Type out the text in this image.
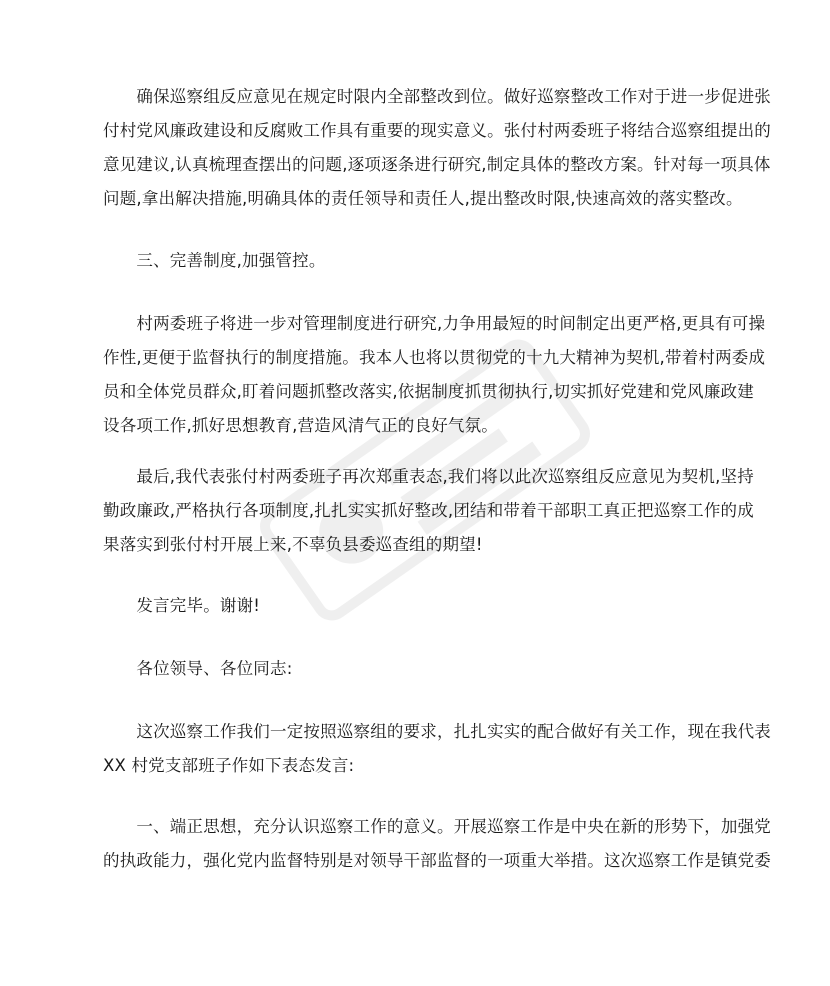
　　确保巡察组反应意见在规定时限内全部整改到位。做好巡察整改工作对于进一步促进张
付村党风廉政建设和反腐败工作具有重要的现实意义。张付村两委班子将结合巡察组提出的
意见建议,认真梳理查摆出的问题,逐项逐条进行研究,制定具体的整改方案。针对每一项具体
问题,拿出解决措施,明确具体的责任领导和责任人,提出整改时限,快速高效的落实整改。

　　三、完善制度,加强管控。

　　村两委班子将进一步对管理制度进行研究,力争用最短的时间制定出更严格,更具有可操
作性,更便于监督执行的制度措施。我本人也将以贯彻党的十九大精神为契机,带着村两委成
员和全体党员群众,盯着问题抓整改落实,依据制度抓贯彻执行,切实抓好党建和党风廉政建
设各项工作,抓好思想教育,营造风清气正的良好气氛。

　　最后,我代表张付村两委班子再次郑重表态,我们将以此次巡察组反应意见为契机,坚持
勤政廉政,严格执行各项制度,扎扎实实抓好整改,团结和带着干部职工真正把巡察工作的成
果落实到张付村开展上来,不辜负县委巡查组的期望!

　　发言完毕。谢谢!

　　各位领导、各位同志:

　　这次巡察工作我们一定按照巡察组的要求，扎扎实实的配合做好有关工作，现在我代表
XX 村党支部班子作如下表态发言:

　　一、端正思想，充分认识巡察工作的意义。开展巡察工作是中央在新的形势下，加强党
的执政能力，强化党内监督特别是对领导干部监督的一项重大举措。这次巡察工作是镇党委
